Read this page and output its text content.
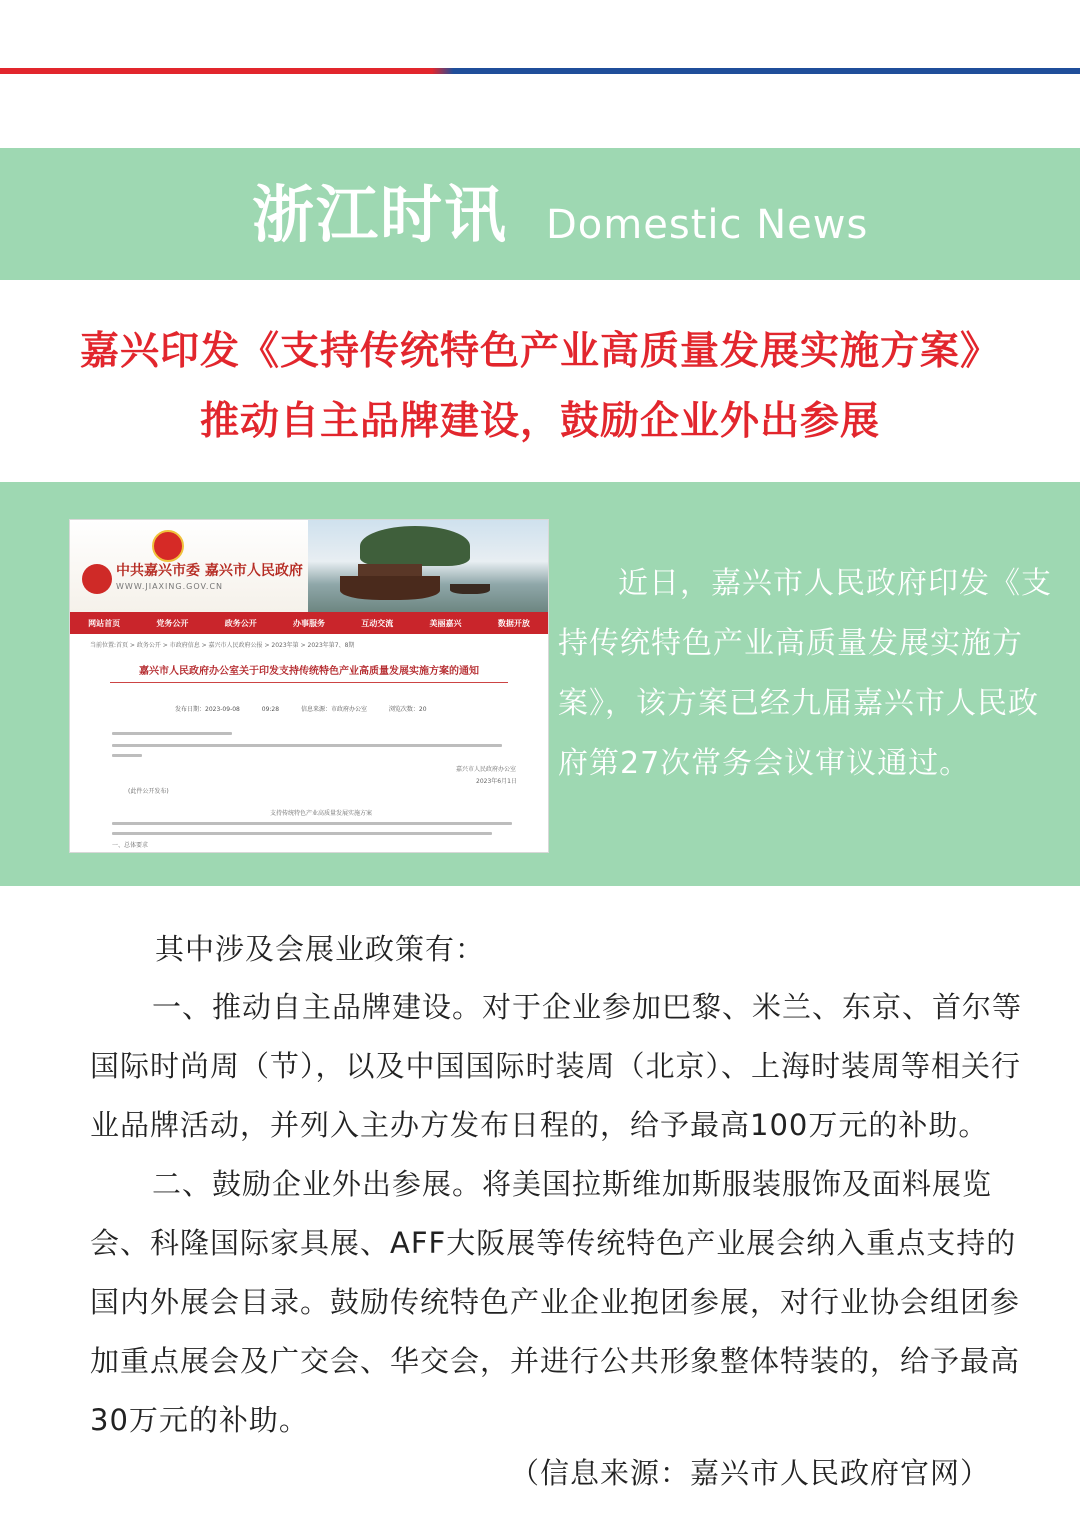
浙江时讯 Domestic News
嘉兴印发《支持传统特色产业高质量发展实施方案》
推动自主品牌建设，鼓励企业外出参展
中共嘉兴市委 嘉兴市人民政府
WWW.JIAXING.GOV.CN
网站首页	党务公开	政务公开	办事服务	互动交流	美丽嘉兴	数据开放
当前位置:首页 > 政务公开 > 市政府信息 > 嘉兴市人民政府公报 > 2023年第 > 2023年第7、8期
嘉兴市人民政府办公室关于印发支持传统特色产业高质量发展实施方案的通知
发布日期：2023-09-08 09:28 信息来源：市政府办公室 浏览次数：20
嘉兴市人民政府办公室
2023年6月1日
(此件公开发布)
支持传统特色产业高质量发展实施方案
一、总体要求
近日，嘉兴市人民政府印发《支持传统特色产业高质量发展实施方案》，该方案已经九届嘉兴市人民政府第27次常务会议审议通过。
其中涉及会展业政策有：
一、推动自主品牌建设。对于企业参加巴黎、米兰、东京、首尔等国际时尚周（节），以及中国国际时装周（北京）、上海时装周等相关行业品牌活动，并列入主办方发布日程的，给予最高100万元的补助。
二、鼓励企业外出参展。将美国拉斯维加斯服装服饰及面料展览会、科隆国际家具展、AFF大阪展等传统特色产业展会纳入重点支持的国内外展会目录。鼓励传统特色产业企业抱团参展，对行业协会组团参加重点展会及广交会、华交会，并进行公共形象整体特装的，给予最高30万元的补助。
（信息来源：嘉兴市人民政府官网）
